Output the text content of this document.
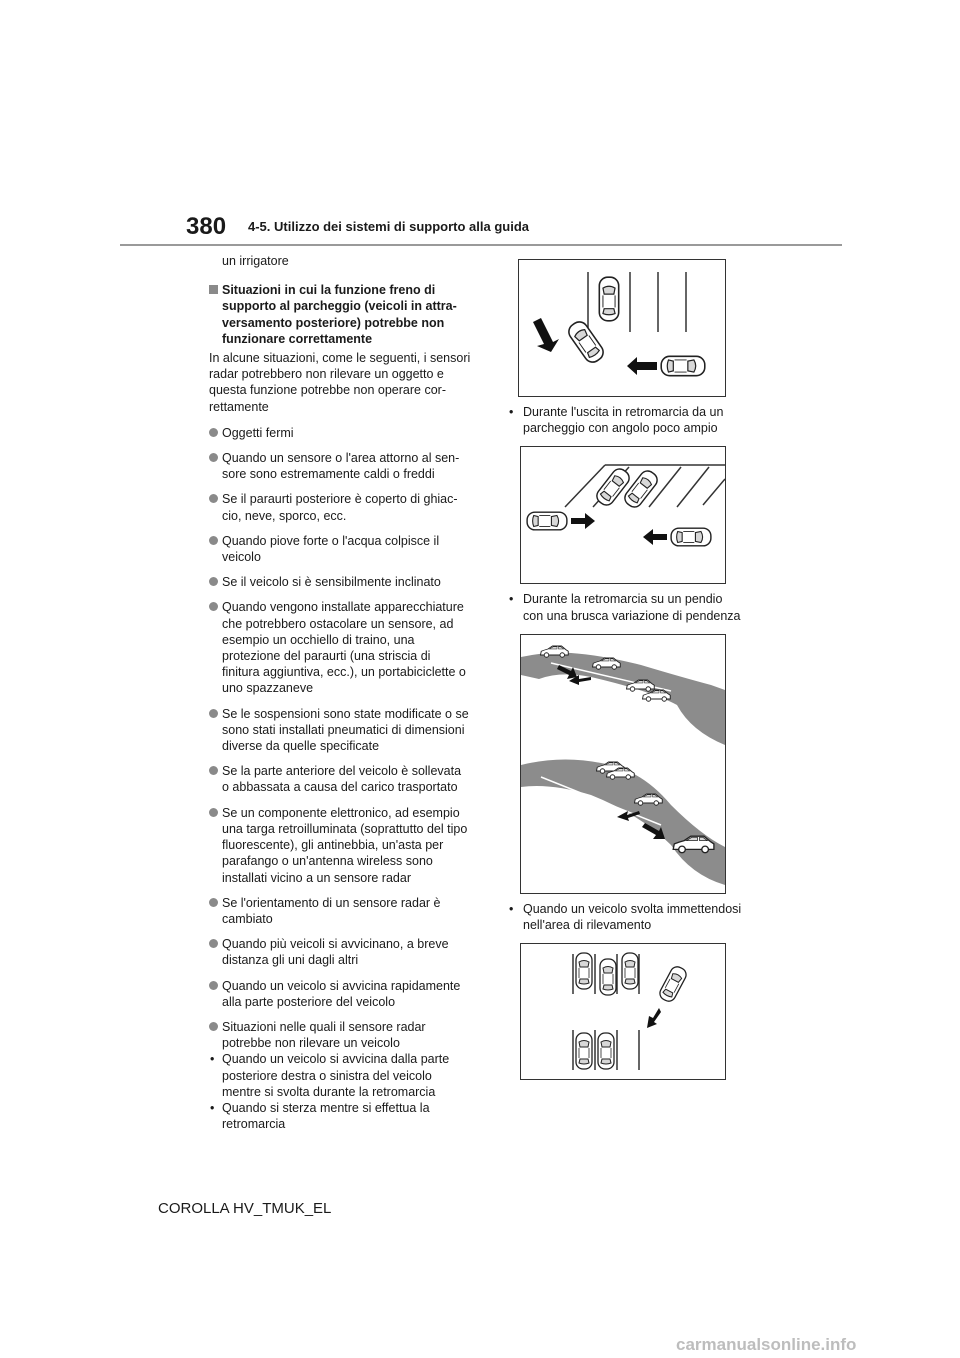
380 4-5. Utilizzo dei sistemi di supporto alla guida
un irrigatore
Situazioni in cui la funzione freno di supporto al parcheggio (veicoli in attraversamento posteriore) potrebbe non funzionare correttamente
In alcune situazioni, come le seguenti, i sensori radar potrebbero non rilevare un oggetto e questa funzione potrebbe non operare correttamente
Oggetti fermi
Quando un sensore o l'area attorno al sensore sono estremamente caldi o freddi
Se il paraurti posteriore è coperto di ghiaccio, neve, sporco, ecc.
Quando piove forte o l'acqua colpisce il veicolo
Se il veicolo si è sensibilmente inclinato
Quando vengono installate apparecchiature che potrebbero ostacolare un sensore, ad esempio un occhiello di traino, una protezione del paraurti (una striscia di finitura aggiuntiva, ecc.), un portabiciclette o uno spazzaneve
Se le sospensioni sono state modificate o se sono stati installati pneumatici di dimensioni diverse da quelle specificate
Se la parte anteriore del veicolo è sollevata o abbassata a causa del carico trasportato
Se un componente elettronico, ad esempio una targa retroilluminata (soprattutto del tipo fluorescente), gli antinebbia, un'asta per parafango o un'antenna wireless sono installati vicino a un sensore radar
Se l'orientamento di un sensore radar è cambiato
Quando più veicoli si avvicinano, a breve distanza gli uni dagli altri
Quando un veicolo si avvicina rapidamente alla parte posteriore del veicolo
Situazioni nelle quali il sensore radar potrebbe non rilevare un veicolo
• Quando un veicolo si avvicina dalla parte posteriore destra o sinistra del veicolo mentre si svolta durante la retromarcia
• Quando si sterza mentre si effettua la retromarcia
• Durante l'uscita in retromarcia da un parcheggio con angolo poco ampio
• Durante la retromarcia su un pendio con una brusca variazione di pendenza
• Quando un veicolo svolta immettendosi nell'area di rilevamento
COROLLA HV_TMUK_EL
carmanualsonline.info
